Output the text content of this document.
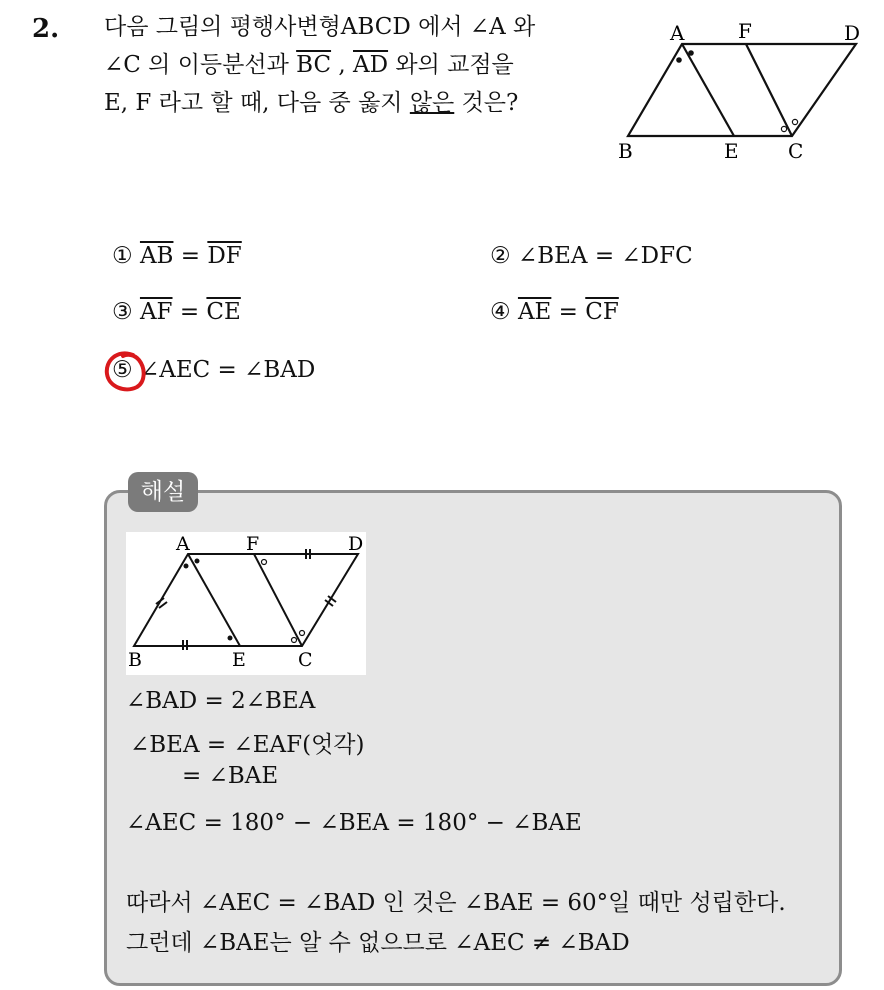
2. 다음 그림의 평행사변형ABCD 에서 ∠A 와
∠C 의 이등분선과 $\overline{BC}$ , $\overline{AD}$ 와의 교점을
E, F 라고 할 때, 다음 중 옳지 않은 것은?
A	F	D
B	E C
① $\overline{AB} = \overline{DF}$	② ∠BEA = ∠DFC
③ $\overline{AF} = \overline{CE}$	④ $\overline{AE} = \overline{CF}$
⑤ ∠AEC = ∠BAD
해설
A	F	D
B	E	C
∠BAD = 2∠BEA
∠BEA = ∠EAF(엇각)
= ∠BAE
∠AEC = 180° − ∠BEA = 180° − ∠BAE
따라서 ∠AEC = ∠BAD 인 것은 ∠BAE = 60°일 때만 성립한다.
그런데 ∠BAE는 알 수 없으므로 ∠AEC ≠ ∠BAD
